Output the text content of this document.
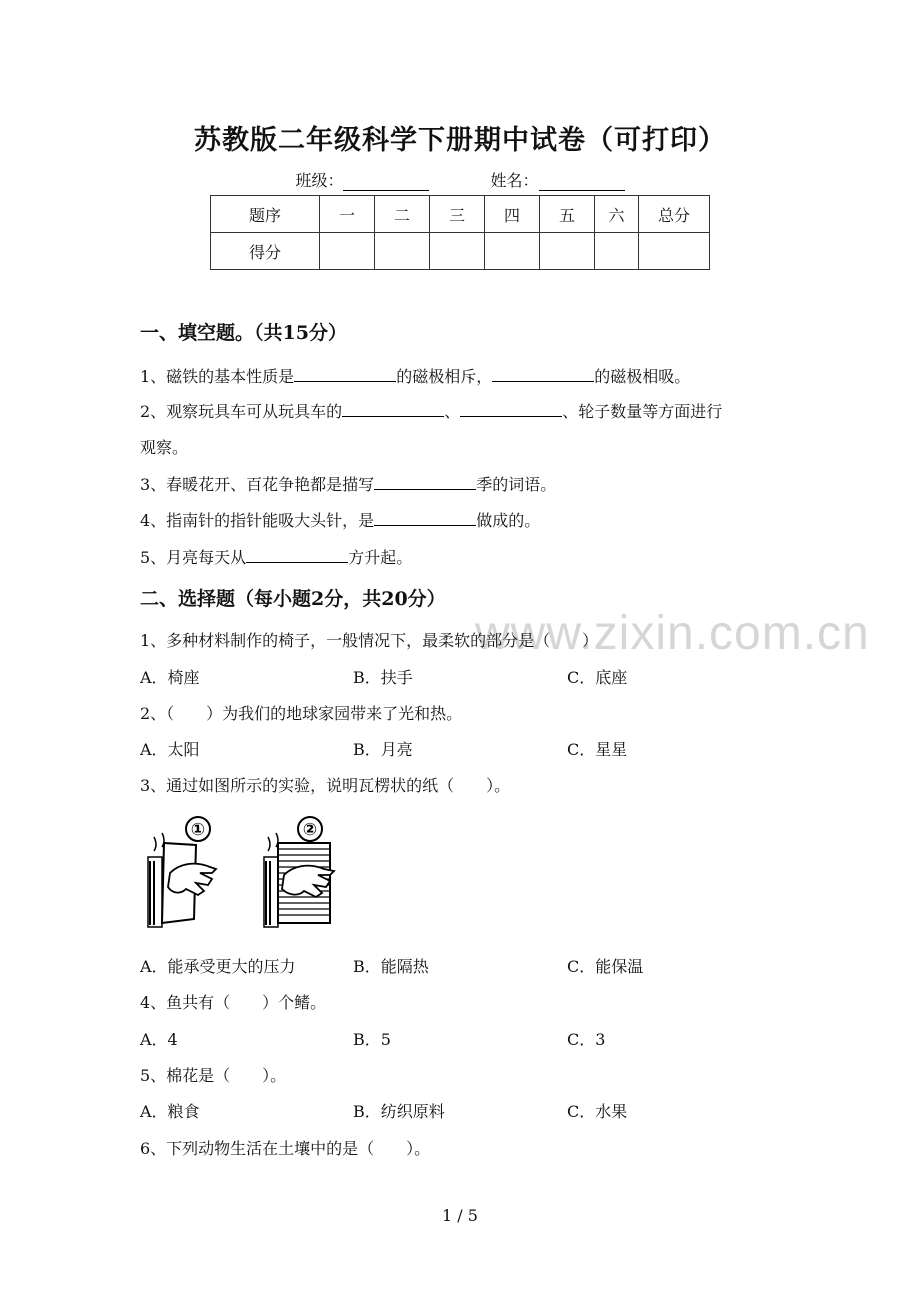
苏教版二年级科学下册期中试卷（可打印）
班级：	姓名：
题序	一	二	三	四	五	六	总分
得分							
一、填空题。（共15分）
1、磁铁的基本性质是	的磁极相斥，	的磁极相吸。
2、观察玩具车可从玩具车的	、	、轮子数量等方面进行
观察。
3、春暖花开、百花争艳都是描写	季的词语。
4、指南针的指针能吸大头针，是	做成的。
5、月亮每天从	方升起。
二、选择题（每小题2分，共20分）
www.zixin.com.cn
1、多种材料制作的椅子，一般情况下，最柔软的部分是（　　）
A．椅座	B．扶手	C．底座
2、（　　）为我们的地球家园带来了光和热。
A．太阳	B．月亮	C．星星
3、通过如图所示的实验，说明瓦楞状的纸（　　）。
①	②
A．能承受更大的压力	B．能隔热	C．能保温
4、鱼共有（　　）个鳍。
A．4	B．5	C．3
5、棉花是（　　）。
A．粮食	B．纺织原料	C．水果
6、下列动物生活在土壤中的是（　　）。
1 / 5
